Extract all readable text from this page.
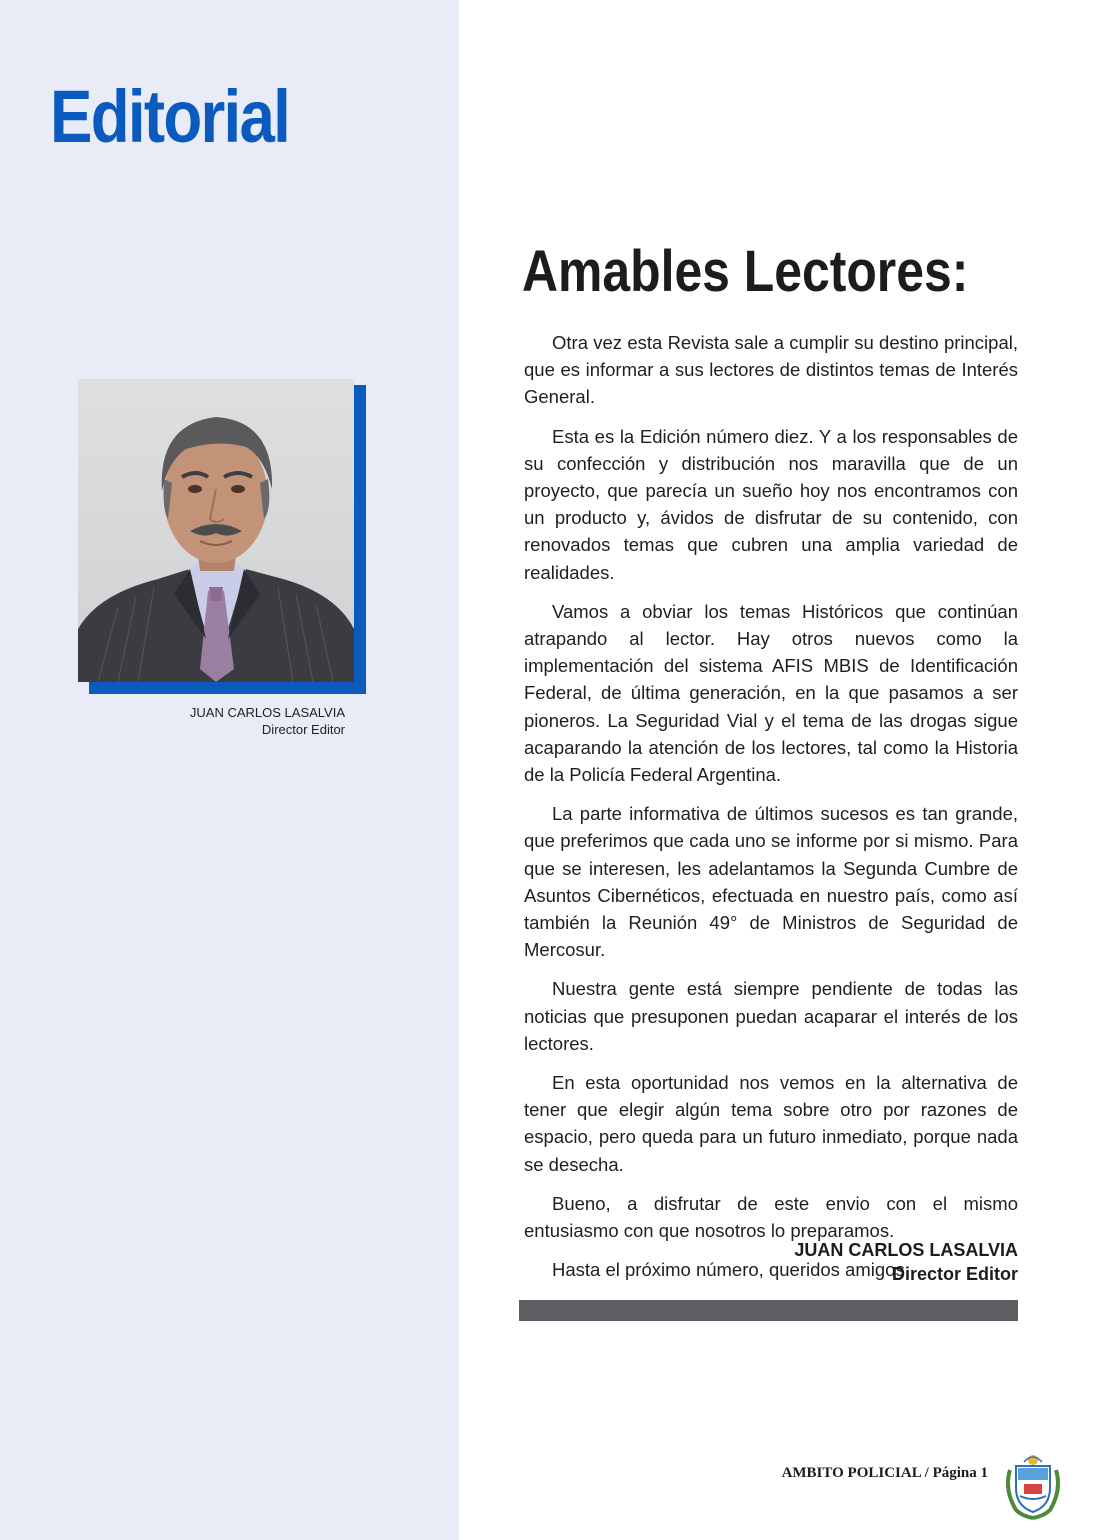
Editorial
JUAN CARLOS LASALVIA
Director Editor
Amables Lectores:

Otra vez esta Revista sale a cumplir su destino principal, que es informar a sus lectores de distintos temas de Interés General.

Esta es la Edición número diez. Y a los responsables de su confección y distribución nos maravilla que de un proyecto, que parecía un sueño hoy nos encontramos con un producto y, ávidos de disfrutar de su contenido, con renovados temas que cubren una amplia variedad de realidades.

Vamos a obviar los temas Históricos que continúan atrapando al lector. Hay otros nuevos como la implementación del sistema AFIS MBIS de Identificación Federal, de última generación, en la que pasamos a ser pioneros. La Seguridad Vial y el tema de las drogas sigue acaparando la atención de los lectores, tal como la Historia de la Policía Federal Argentina.

La parte informativa de últimos sucesos es tan grande, que preferimos que cada uno se informe por si mismo. Para que se interesen, les adelantamos la Segunda Cumbre de Asuntos Cibernéticos, efectuada en nuestro país, como así también la Reunión 49° de Ministros de Seguridad de Mercosur.

Nuestra gente está siempre pendiente de todas las noticias que presuponen puedan acaparar el interés de los lectores.

En esta oportunidad nos vemos en la alternativa de tener que elegir algún tema sobre otro por razones de espacio, pero queda para un futuro inmediato, porque nada se desecha.

Bueno, a disfrutar de este envio con el mismo entusiasmo con que nosotros lo preparamos.

Hasta el próximo número, queridos amigos.

JUAN CARLOS LASALVIA
Director Editor
AMBITO POLICIAL / Página 1
